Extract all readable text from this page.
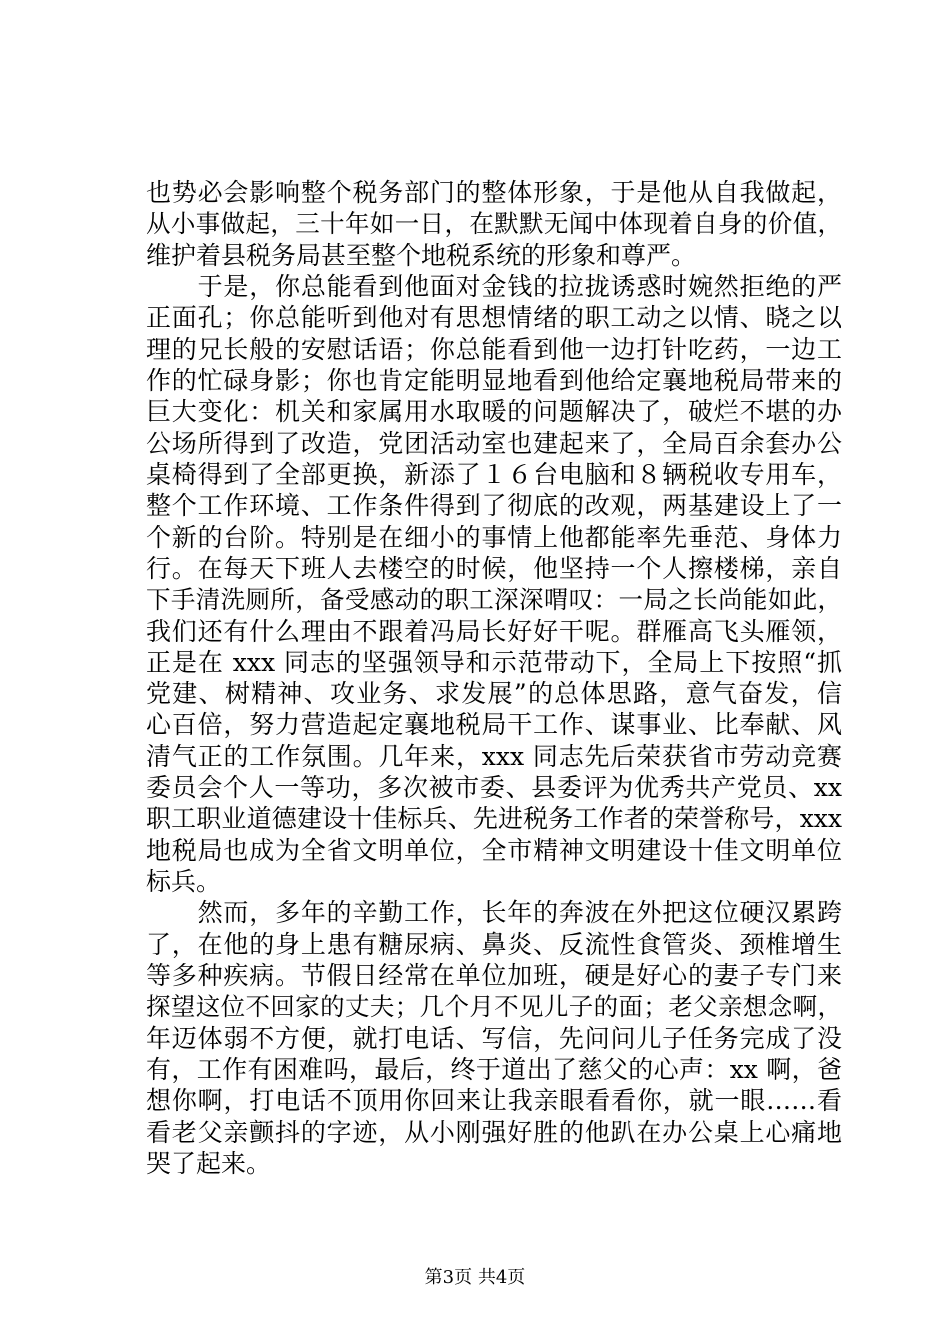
也势必会影响整个税务部门的整体形象，于是他从自我做起，
从小事做起，三十年如一日，在默默无闻中体现着自身的价值，
维护着县税务局甚至整个地税系统的形象和尊严。
　　于是，你总能看到他面对金钱的拉拢诱惑时婉然拒绝的严
正面孔；你总能听到他对有思想情绪的职工动之以情、晓之以
理的兄长般的安慰话语；你总能看到他一边打针吃药，一边工
作的忙碌身影；你也肯定能明显地看到他给定襄地税局带来的
巨大变化：机关和家属用水取暖的问题解决了，破烂不堪的办
公场所得到了改造，党团活动室也建起来了，全局百余套办公
桌椅得到了全部更换，新添了１６台电脑和８辆税收专用车，
整个工作环境、工作条件得到了彻底的改观，两基建设上了一
个新的台阶。特别是在细小的事情上他都能率先垂范、身体力
行。在每天下班人去楼空的时候，他坚持一个人擦楼梯，亲自
下手清洗厕所，备受感动的职工深深喟叹：一局之长尚能如此，
我们还有什么理由不跟着冯局长好好干呢。群雁高飞头雁领，
正是在 xxx 同志的坚强领导和示范带动下，全局上下按照“抓
党建、树精神、攻业务、求发展”的总体思路，意气奋发，信
心百倍，努力营造起定襄地税局干工作、谋事业、比奉献、风
清气正的工作氛围。几年来，xxx 同志先后荣获省市劳动竞赛
委员会个人一等功，多次被市委、县委评为优秀共产党员、xx
职工职业道德建设十佳标兵、先进税务工作者的荣誉称号，xxx
地税局也成为全省文明单位，全市精神文明建设十佳文明单位
标兵。
　　然而，多年的辛勤工作，长年的奔波在外把这位硬汉累跨
了，在他的身上患有糖尿病、鼻炎、反流性食管炎、颈椎增生
等多种疾病。节假日经常在单位加班，硬是好心的妻子专门来
探望这位不回家的丈夫；几个月不见儿子的面；老父亲想念啊，
年迈体弱不方便，就打电话、写信，先问问儿子任务完成了没
有，工作有困难吗，最后，终于道出了慈父的心声：xx 啊，爸
想你啊，打电话不顶用你回来让我亲眼看看你，就一眼……看
看老父亲颤抖的字迹，从小刚强好胜的他趴在办公桌上心痛地
哭了起来。
第3页 共4页
